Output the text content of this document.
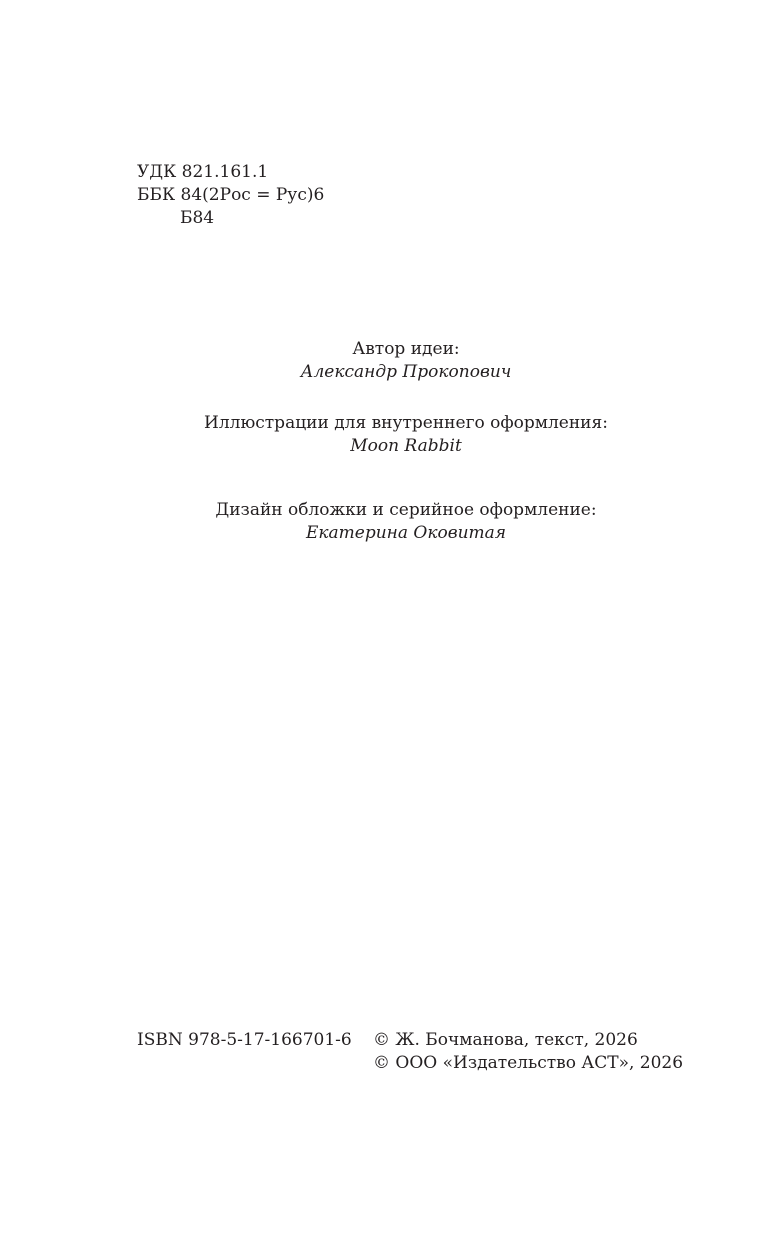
УДК 821.161.1
ББК 84(2Рос = Рус)6
Б84
Автор идеи:
Александр Прокопович
Иллюстрации для внутреннего оформления:
Moon Rabbit
Дизайн обложки и серийное оформление:
Екатерина Оковитая
ISBN 978-5-17-166701-6 © Ж. Бочманова, текст, 2026
© ООО «Издательство АСТ», 2026
